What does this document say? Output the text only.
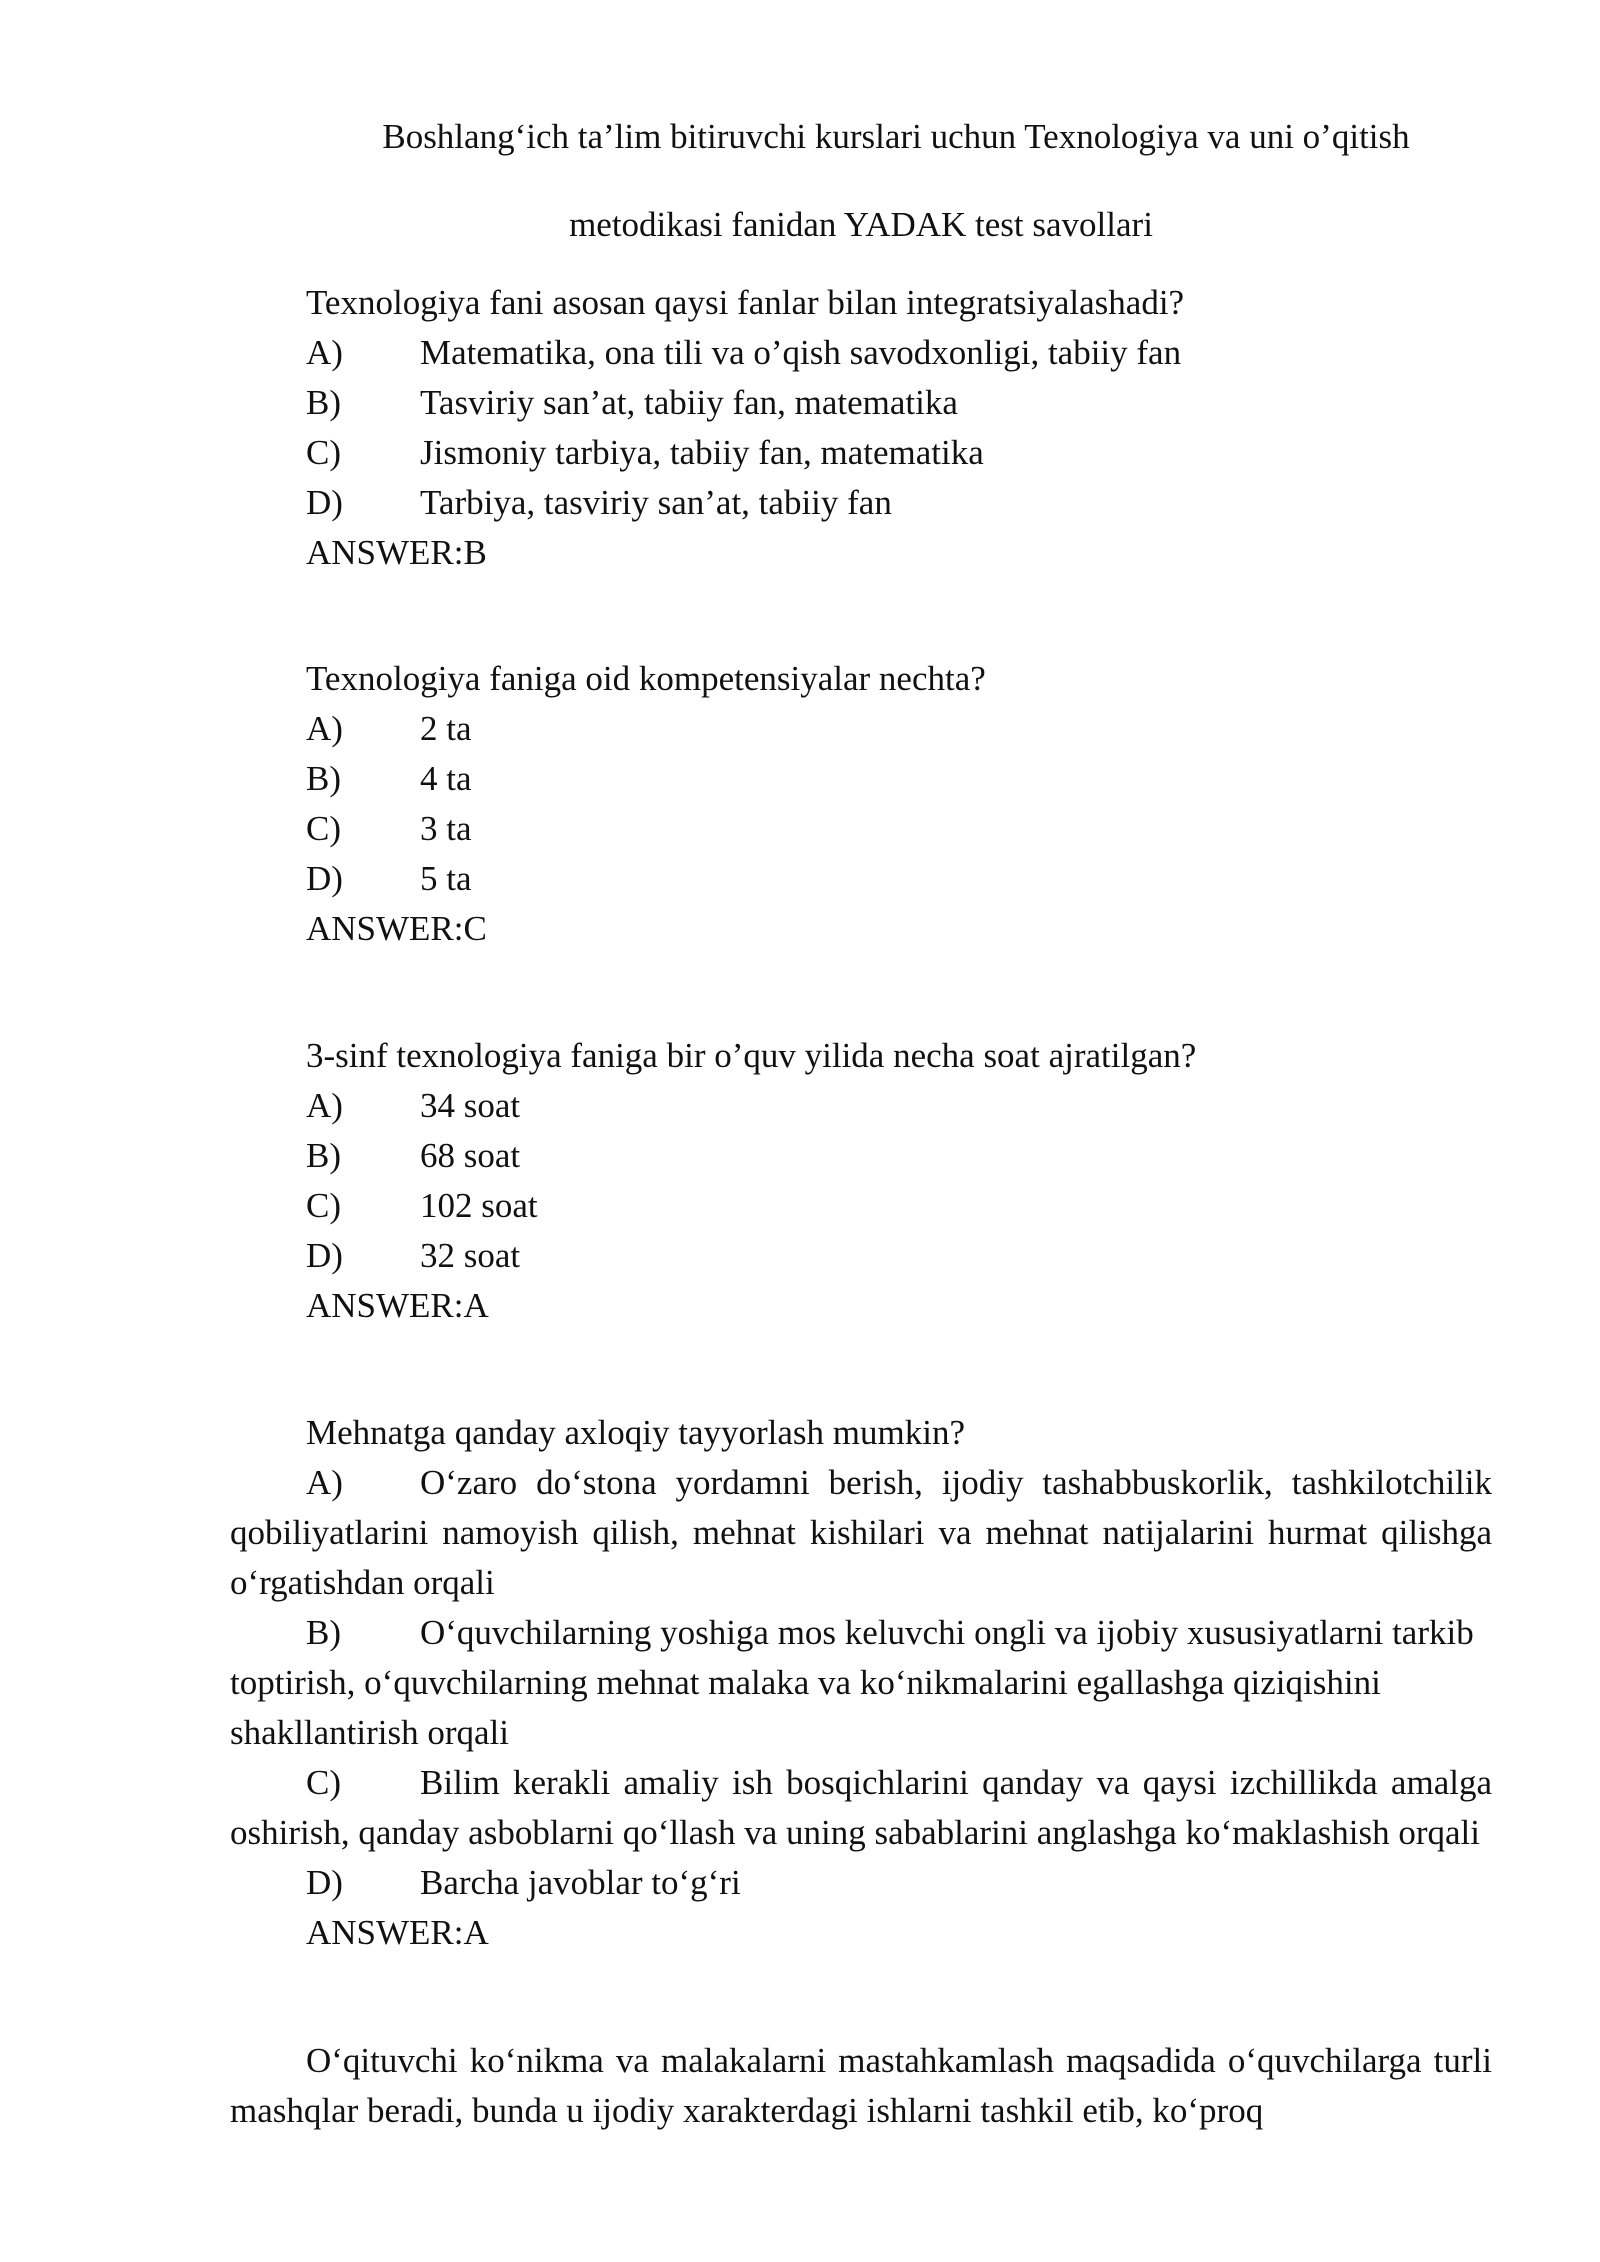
Boshlang‘ich ta’lim bitiruvchi kurslari uchun Texnologiya va uni o’qitish

metodikasi fanidan YADAK test savollari

Texnologiya fani asosan qaysi fanlar bilan integratsiyalashadi?

A) Matematika, ona tili va o’qish savodxonligi, tabiiy fan

B) Tasviriy san’at, tabiiy fan, matematika

C) Jismoniy tarbiya, tabiiy fan, matematika

D) Tarbiya, tasviriy san’at, tabiiy fan

ANSWER:B

Texnologiya faniga oid kompetensiyalar nechta?

A) 2 ta

B) 4 ta

C) 3 ta

D) 5 ta

ANSWER:C

3-sinf texnologiya faniga bir o’quv yilida necha soat ajratilgan?

A) 34 soat

B) 68 soat

C) 102 soat

D) 32 soat

ANSWER:A

Mehnatga qanday axloqiy tayyorlash mumkin?

A) O‘zaro do‘stona yordamni berish, ijodiy tashabbuskorlik, tashkilotchilik qobiliyatlarini namoyish qilish, mehnat kishilari va mehnat natijalarini hurmat qilishga o‘rgatishdan orqali

B) O‘quvchilarning yoshiga mos keluvchi ongli va ijobiy xususiyatlarni tarkib toptirish, o‘quvchilarning mehnat malaka va ko‘nikmalarini egallashga qiziqishini shakllantirish orqali

C) Bilim kerakli amaliy ish bosqichlarini qanday va qaysi izchillikda amalga oshirish, qanday asboblarni qo‘llash va uning sabablarini anglashga ko‘maklashish orqali

D) Barcha javoblar to‘g‘ri

ANSWER:A

O‘qituvchi ko‘nikma va malakalarni mastahkamlash maqsadida o‘quvchilarga turli mashqlar beradi, bunda u ijodiy xarakterdagi ishlarni tashkil etib, ko‘proq
